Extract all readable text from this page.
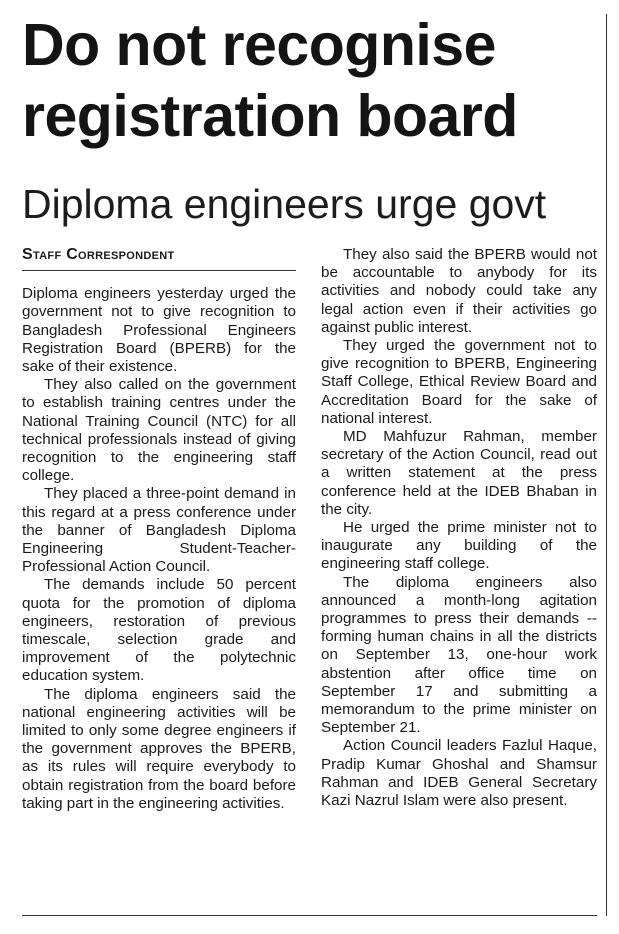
Do not recognise
registration board
Diploma engineers urge govt
Staff Correspondent

Diploma engineers yesterday urged the government not to give recognition to Bangladesh Professional Engineers Registration Board (BPERB) for the sake of their existence.

They also called on the government to establish training centres under the National Training Council (NTC) for all technical professionals instead of giving recognition to the engineering staff college.

They placed a three-point demand in this regard at a press conference under the banner of Bangladesh Diploma Engineering Student-Teacher- Professional Action Council.

The demands include 50 percent quota for the promotion of diploma engineers, restoration of previous timescale, selection grade and improvement of the polytechnic education system.

The diploma engineers said the national engineering activities will be limited to only some degree engineers if the government approves the BPERB, as its rules will require everybody to obtain registration from the board before taking part in the engineering activities.

They also said the BPERB would not be accountable to anybody for its activities and nobody could take any legal action even if their activities go against public interest.

They urged the government not to give recognition to BPERB, Engineering Staff College, Ethical Review Board and Accreditation Board for the sake of national interest.

MD Mahfuzur Rahman, member secretary of the Action Council, read out a written statement at the press conference held at the IDEB Bhaban in the city.

He urged the prime minister not to inaugurate any building of the engineering staff college.

The diploma engineers also announced a month-long agitation programmes to press their demands -- forming human chains in all the districts on September 13, one-hour work abstention after office time on September 17 and submitting a memorandum to the prime minister on September 21.

Action Council leaders Fazlul Haque, Pradip Kumar Ghoshal and Shamsur Rahman and IDEB General Secretary Kazi Nazrul Islam were also present.
